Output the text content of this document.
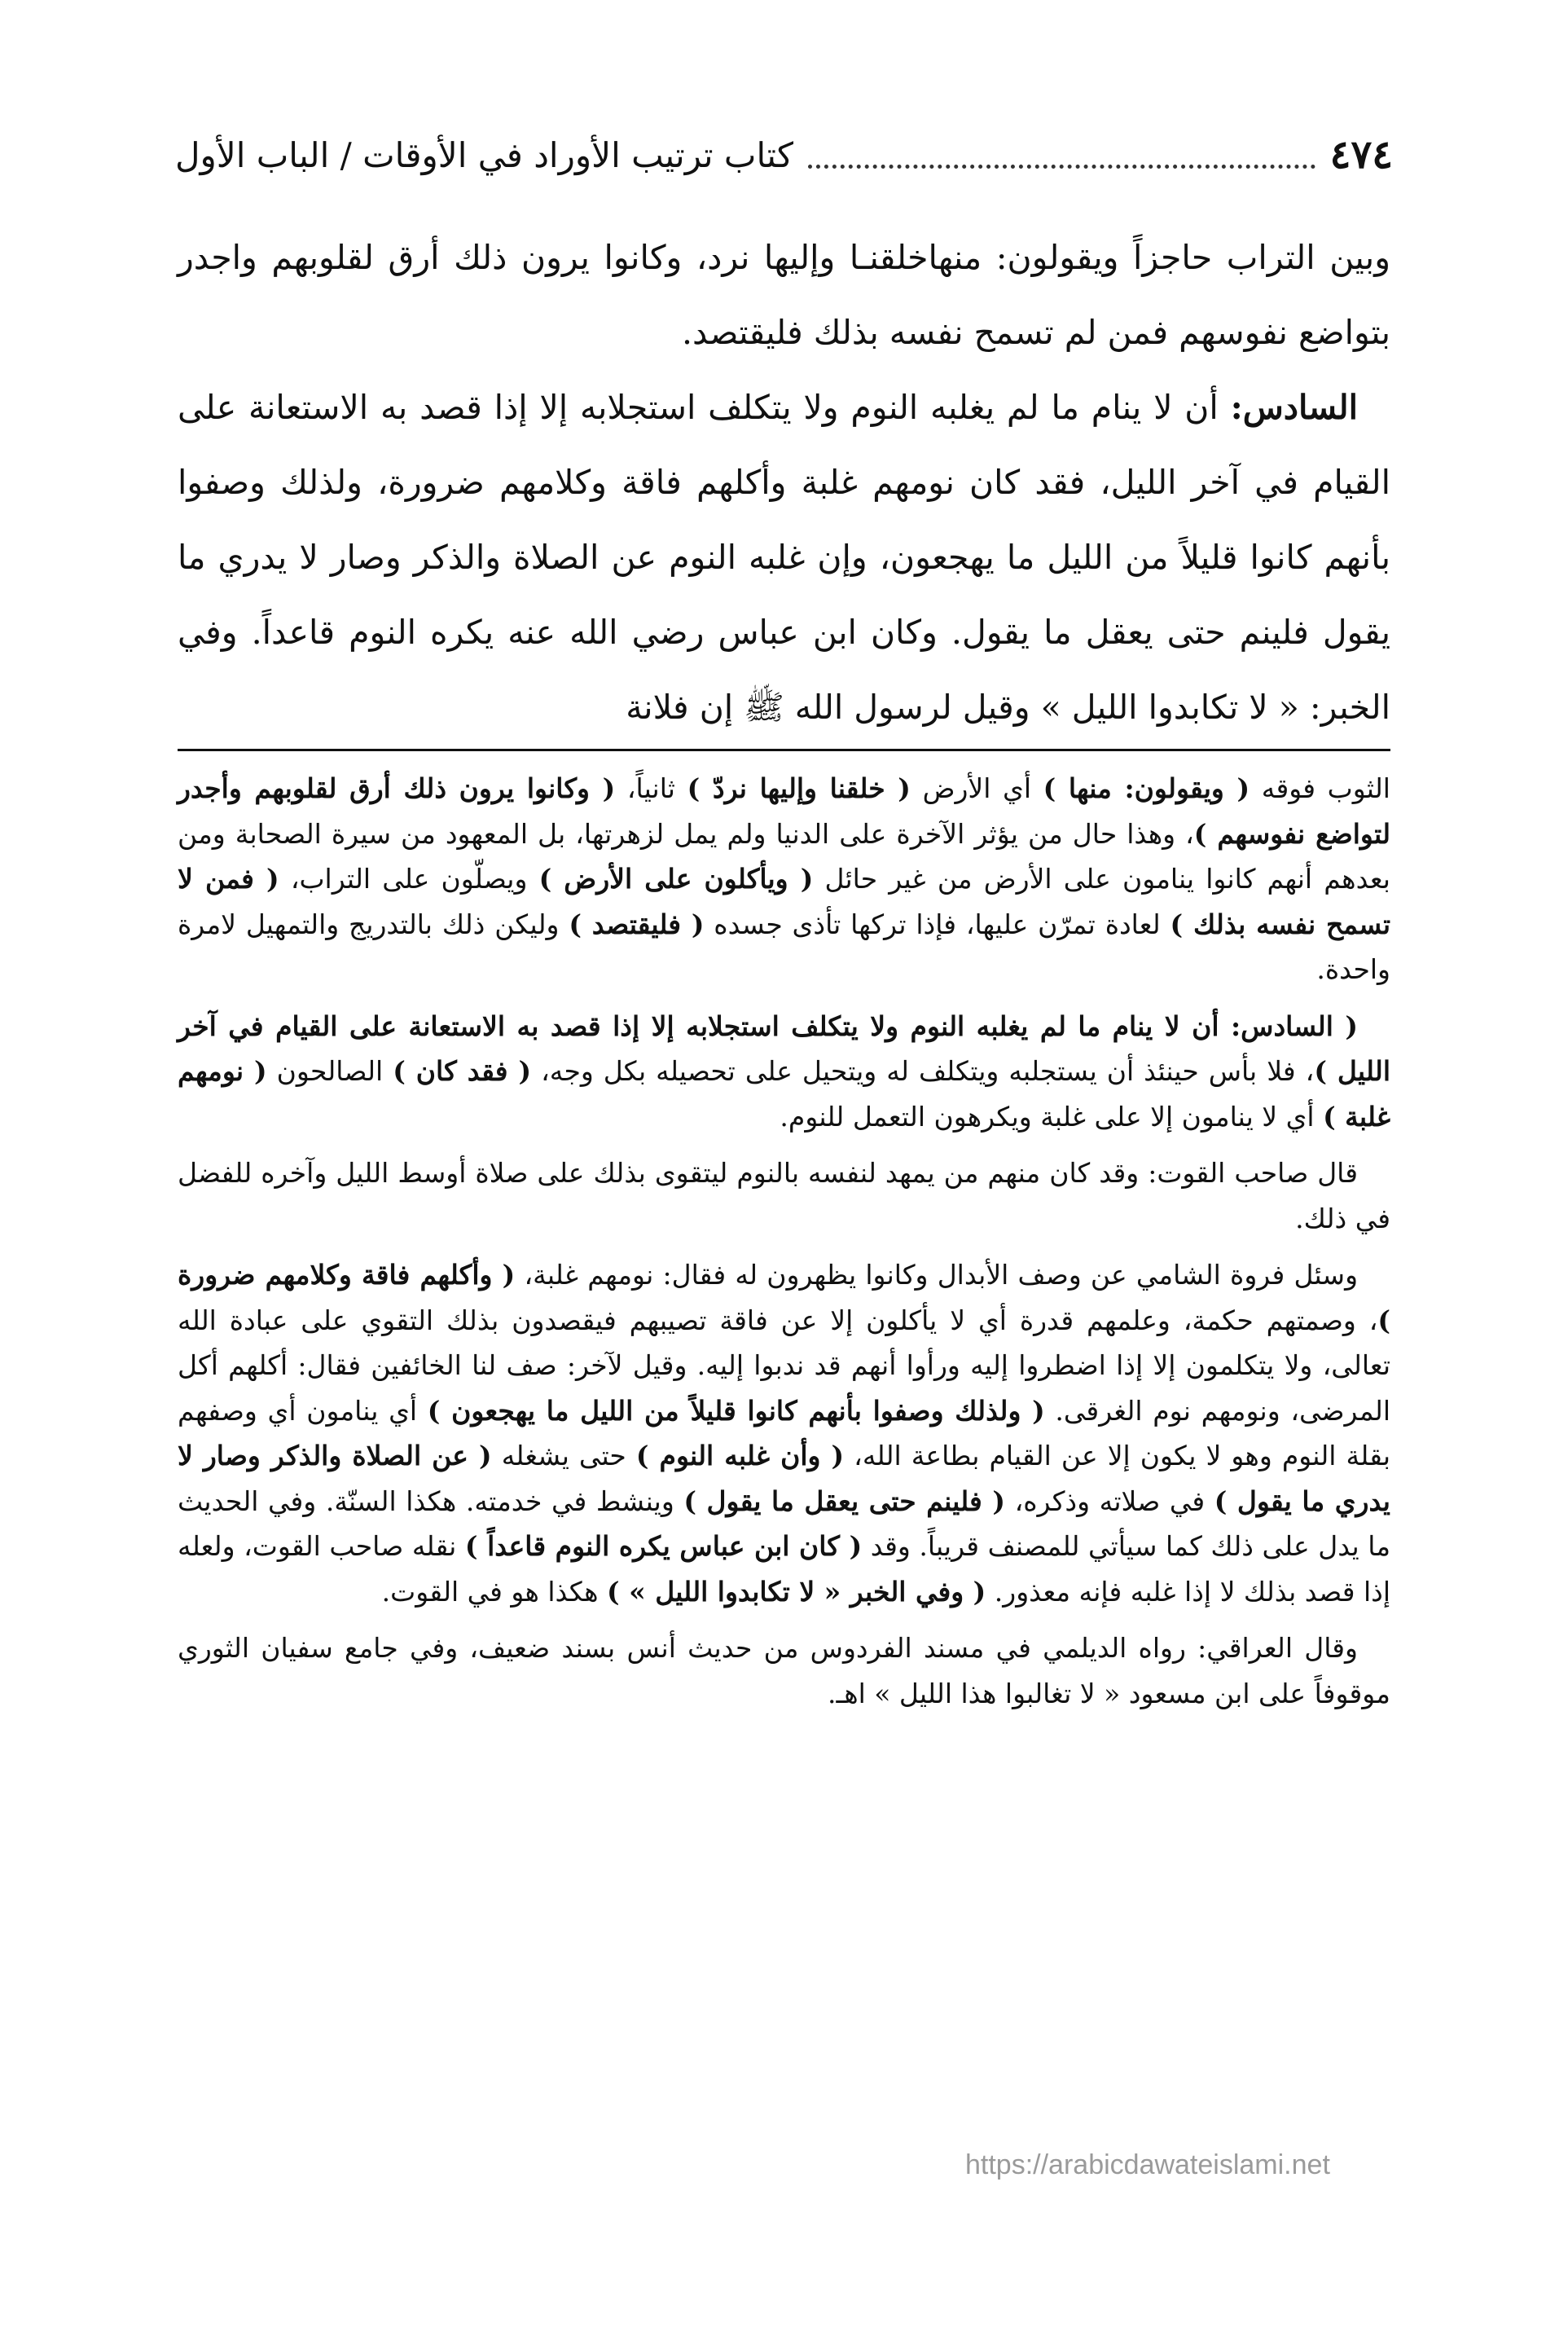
٤٧٤
كتاب ترتيب الأوراد في الأوقات / الباب الأول

وبين التراب حاجزاً ويقولون: منهاخلقنـا وإليها نرد، وكانوا يرون ذلك أرق لقلوبهم واجدر بتواضع نفوسهم فمن لم تسمح نفسه بذلك فليقتصد.

السادس: أن لا ينام ما لم يغلبه النوم ولا يتكلف استجلابه إلا إذا قصد به الاستعانة على القيام في آخر الليل، فقد كان نومهم غلبة وأكلهم فاقة وكلامهم ضرورة، ولذلك وصفوا بأنهم كانوا قليلاً من الليل ما يهجعون، وإن غلبه النوم عن الصلاة والذكر وصار لا يدري ما يقول فلينم حتى يعقل ما يقول. وكان ابن عباس رضي الله عنه يكره النوم قاعداً. وفي الخبر: « لا تكابدوا الليل » وقيل لرسول الله ﷺ إن فلانة

الثوب فوقه ( ويقولون: منها ) أي الأرض ( خلقنا وإليها نردّ ) ثانياً، ( وكانوا يرون ذلك أرق لقلوبهم وأجدر لتواضع نفوسهم )، وهذا حال من يؤثر الآخرة على الدنيا ولم يمل لزهرتها، بل المعهود من سيرة الصحابة ومن بعدهم أنهم كانوا ينامون على الأرض من غير حائل ( ويأكلون على الأرض ) ويصلّون على التراب، ( فمن لا تسمح نفسه بذلك ) لعادة تمرّن عليها، فإذا تركها تأذى جسده ( فليقتصد ) وليكن ذلك بالتدريج والتمهيل لامرة واحدة.

( السادس: أن لا ينام ما لم يغلبه النوم ولا يتكلف استجلابه إلا إذا قصد به الاستعانة على القيام في آخر الليل )، فلا بأس حينئذ أن يستجلبه ويتكلف له ويتحيل على تحصيله بكل وجه، ( فقد كان ) الصالحون ( نومهم غلبة ) أي لا ينامون إلا على غلبة ويكرهون التعمل للنوم.

قال صاحب القوت: وقد كان منهم من يمهد لنفسه بالنوم ليتقوى بذلك على صلاة أوسط الليل وآخره للفضل في ذلك.

وسئل فروة الشامي عن وصف الأبدال وكانوا يظهرون له فقال: نومهم غلبة، ( وأكلهم فاقة وكلامهم ضرورة )، وصمتهم حكمة، وعلمهم قدرة أي لا يأكلون إلا عن فاقة تصيبهم فيقصدون بذلك التقوي على عبادة الله تعالى، ولا يتكلمون إلا إذا اضطروا إليه ورأوا أنهم قد ندبوا إليه. وقيل لآخر: صف لنا الخائفين فقال: أكلهم أكل المرضى، ونومهم نوم الغرقى. ( ولذلك وصفوا بأنهم كانوا قليلاً من الليل ما يهجعون ) أي ينامون أي وصفهم بقلة النوم وهو لا يكون إلا عن القيام بطاعة الله، ( وأن غلبه النوم ) حتى يشغله ( عن الصلاة والذكر وصار لا يدري ما يقول ) في صلاته وذكره، ( فلينم حتى يعقل ما يقول ) وينشط في خدمته. هكذا السنّة. وفي الحديث ما يدل على ذلك كما سيأتي للمصنف قريباً. وقد ( كان ابن عباس يكره النوم قاعداً ) نقله صاحب القوت، ولعله إذا قصد بذلك لا إذا غلبه فإنه معذور. ( وفي الخبر « لا تكابدوا الليل » ) هكذا هو في القوت.

وقال العراقي: رواه الديلمي في مسند الفردوس من حديث أنس بسند ضعيف، وفي جامع سفيان الثوري موقوفاً على ابن مسعود « لا تغالبوا هذا الليل » اهـ.

https://arabicdawateislami.net
